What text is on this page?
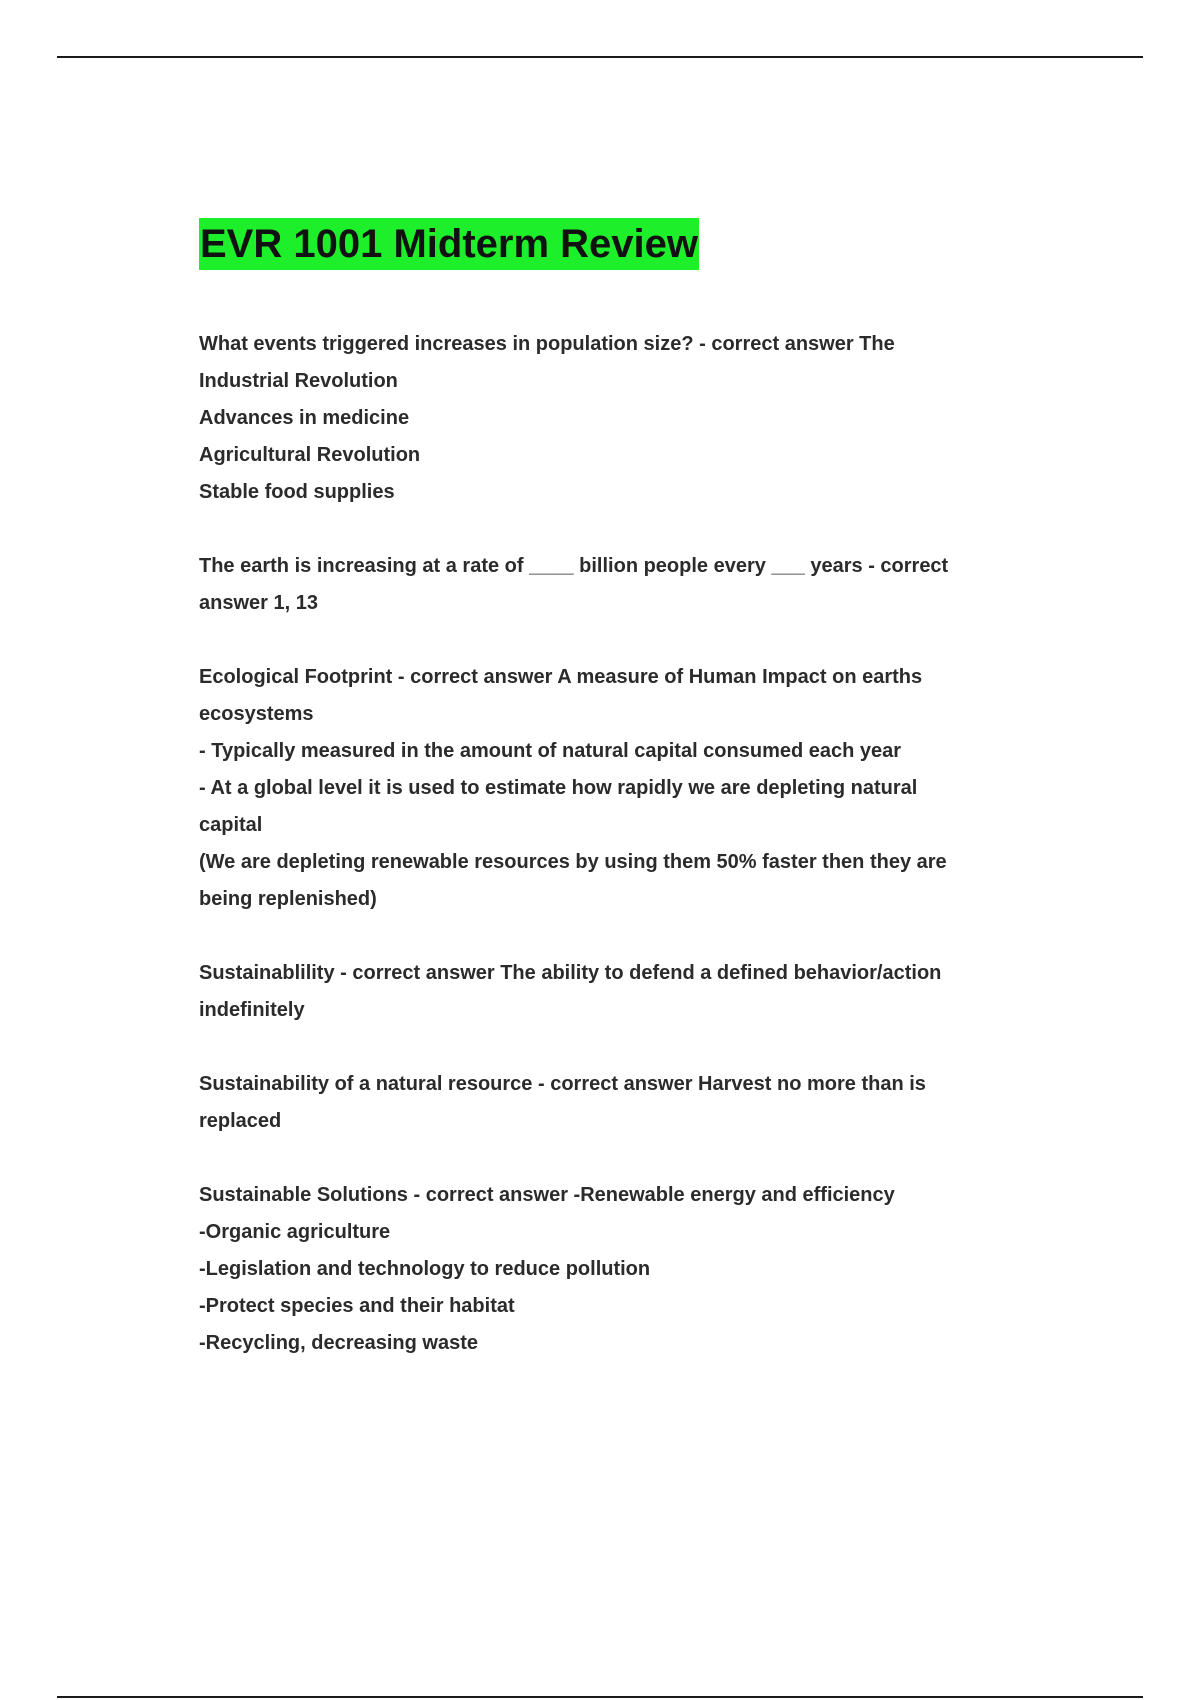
EVR 1001 Midterm Review

What events triggered increases in population size? - correct answer The

Industrial Revolution

Advances in medicine

Agricultural Revolution

Stable food supplies

The earth is increasing at a rate of ____ billion people every ___ years - correct

answer 1, 13

Ecological Footprint - correct answer A measure of Human Impact on earths

ecosystems

- Typically measured in the amount of natural capital consumed each year

- At a global level it is used to estimate how rapidly we are depleting natural

capital

(We are depleting renewable resources by using them 50% faster then they are

being replenished)

Sustainablility - correct answer The ability to defend a defined behavior/action

indefinitely

Sustainability of a natural resource - correct answer Harvest no more than is

replaced

Sustainable Solutions - correct answer -Renewable energy and efficiency

-Organic agriculture

-Legislation and technology to reduce pollution

-Protect species and their habitat

-Recycling, decreasing waste
